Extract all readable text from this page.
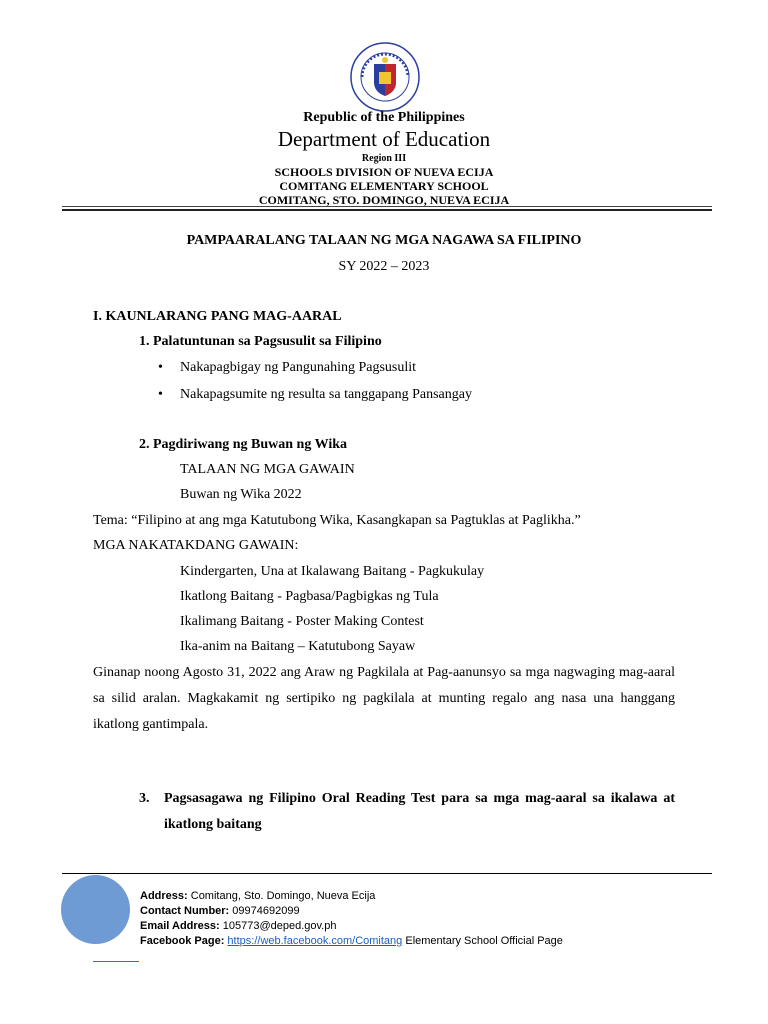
Republic of the Philippines
Department of Education
Region III
SCHOOLS DIVISION OF NUEVA ECIJA
COMITANG ELEMENTARY SCHOOL
COMITANG, STO. DOMINGO, NUEVA ECIJA
PAMPAARALANG TALAAN NG MGA NAGAWA SA FILIPINO
SY 2022 – 2023
I. KAUNLARANG PANG MAG-AARAL
1. Palatuntunan sa Pagsusulit sa Filipino
• Nakapagbigay ng Pangunahing Pagsusulit
• Nakapagsumite ng resulta sa tanggapang Pansangay
2. Pagdiriwang ng Buwan ng Wika
TALAAN NG MGA GAWAIN
Buwan ng Wika 2022
Tema: “Filipino at ang mga Katutubong Wika, Kasangkapan sa Pagtuklas at Paglikha.”
MGA NAKATAKDANG GAWAIN:
Kindergarten, Una at Ikalawang Baitang - Pagkukulay
Ikatlong Baitang - Pagbasa/Pagbigkas ng Tula
Ikalimang Baitang - Poster Making Contest
Ika-anim na Baitang – Katutubong Sayaw
Ginanap noong Agosto 31, 2022 ang Araw ng Pagkilala at Pag-aanunsyo sa mga nagwaging mag-aaral sa silid aralan. Magkakamit ng sertipiko ng pagkilala at munting regalo ang nasa una hanggang ikatlong gantimpala.
3. Pagsasagawa ng Filipino Oral Reading Test para sa mga mag-aaral sa ikalawa at ikatlong baitang
Address: Comitang, Sto. Domingo, Nueva Ecija
Contact Number: 09974692099
Email Address: 105773@deped.gov.ph
Facebook Page: https://web.facebook.com/Comitang Elementary School Official Page
